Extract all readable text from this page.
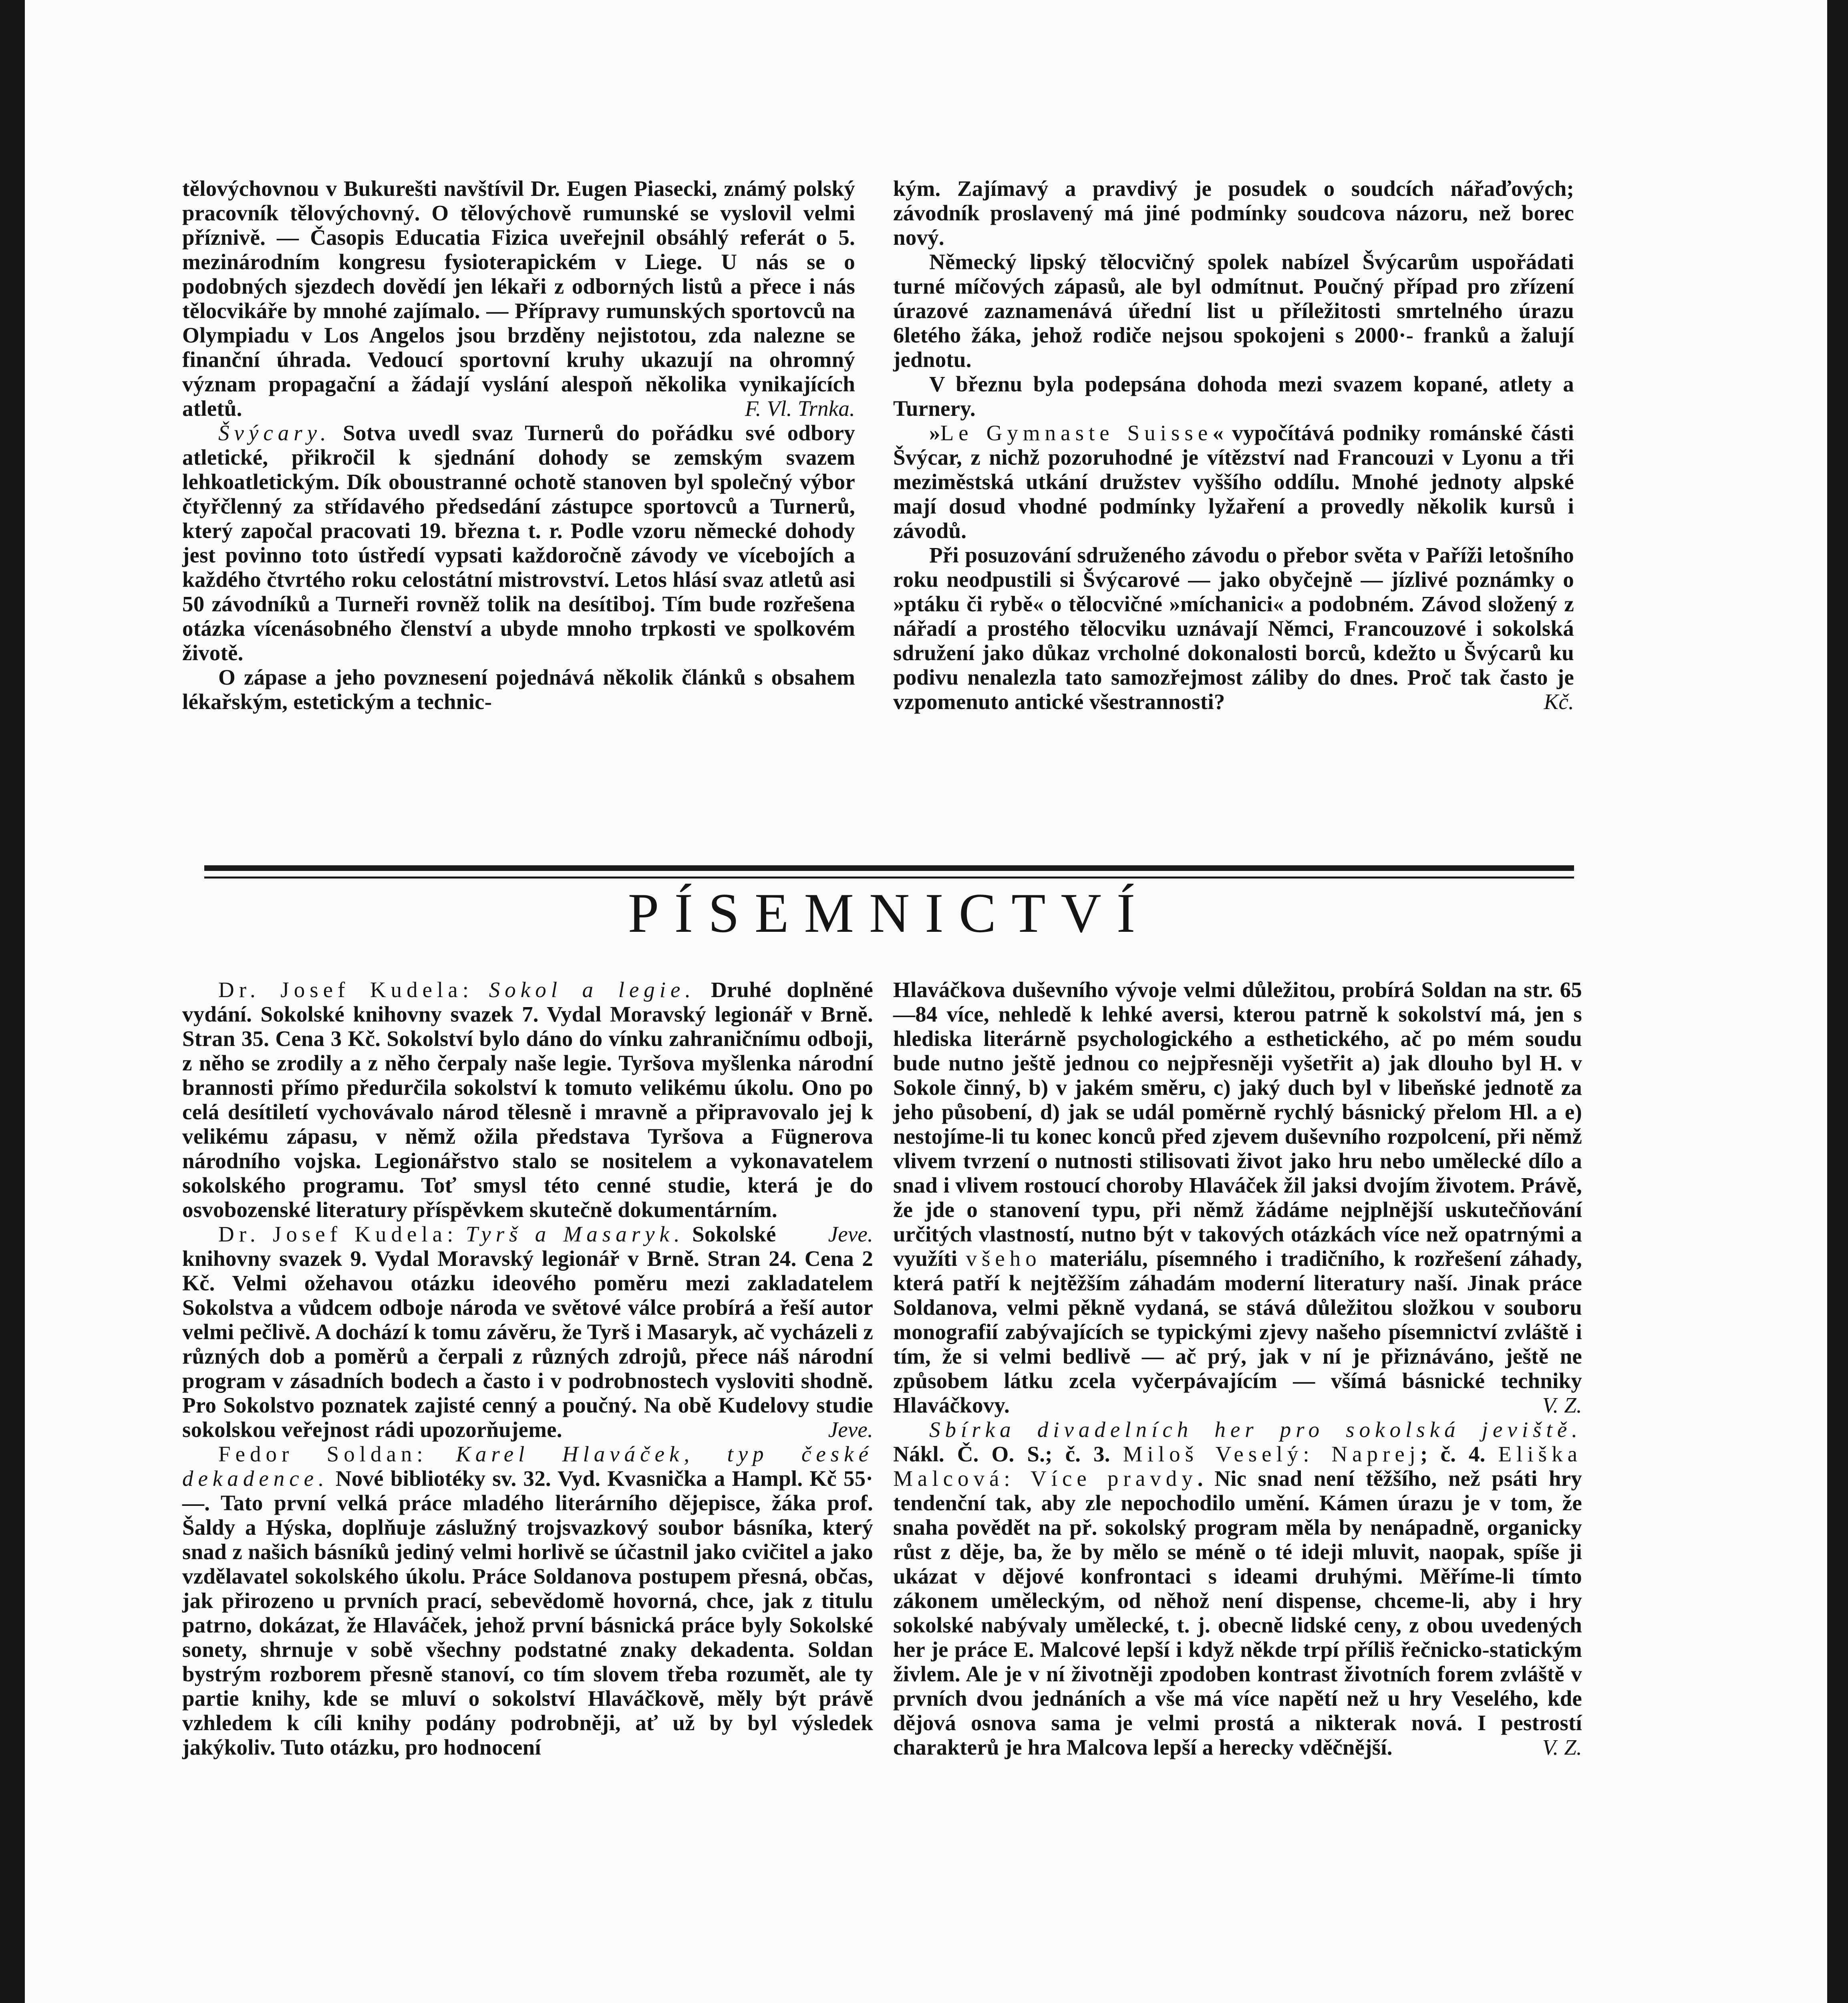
tělovýchovnou v Bukurešti navštívil Dr. Eugen Piasecki, známý polský pracovník tělovýchovný. O tělovýchově rumunské se vyslovil velmi příznivě. — Časopis Educatia Fizica uveřejnil obsáhlý referát o 5. mezinárodním kongresu fysioterapickém v Liege. U nás se o podobných sjezdech dovědí jen lékaři z odborných listů a přece i nás tělocvikáře by mnohé zajímalo. — Přípravy rumunských sportovců na Olympiadu v Los Angelos jsou brzděny nejistotou, zda nalezne se finanční úhrada. Vedoucí sportovní kruhy ukazují na ohromný význam propagační a žádají vyslání alespoň několika vynikajících atletů.	F. Vl. Trnka.

Švýcary. Sotva uvedl svaz Turnerů do pořádku své odbory atletické, přikročil k sjednání dohody se zemským svazem lehkoatletickým. Dík oboustranné ochotě stanoven byl společný výbor čtyřčlenný za střídavého předsedání zástupce sportovců a Turnerů, který započal pracovati 19. března t. r. Podle vzoru německé dohody jest povinno toto ústředí vypsati každoročně závody ve vícebojích a každého čtvrtého roku celostátní mistrovství. Letos hlásí svaz atletů asi 50 závodníků a Turneři rovněž tolik na desítiboj. Tím bude rozřešena otázka vícenásobného členství a ubyde mnoho trpkosti ve spolkovém životě.

O zápase a jeho povznesení pojednává několik článků s obsahem lékařským, estetickým a technic-

kým. Zajímavý a pravdivý je posudek o soudcích nářaďových; závodník proslavený má jiné podmínky soudcova názoru, než borec nový.

Německý lipský tělocvičný spolek nabízel Švýcarům uspořádati turné míčových zápasů, ale byl odmítnut. Poučný případ pro zřízení úrazové zaznamenává úřední list u příležitosti smrtelného úrazu 6letého žáka, jehož rodiče nejsou spokojeni s 2000·- franků a žalují jednotu.

V březnu byla podepsána dohoda mezi svazem kopané, atlety a Turnery.

»Le Gymnaste Suisse« vypočítává podniky románské části Švýcar, z nichž pozoruhodné je vítězství nad Francouzi v Lyonu a tři meziměstská utkání družstev vyššího oddílu. Mnohé jednoty alpské mají dosud vhodné podmínky lyžaření a provedly několik kursů i závodů.

Při posuzování sdruženého závodu o přebor světa v Paříži letošního roku neodpustili si Švýcarové — jako obyčejně — jízlivé poznámky o »ptáku či rybě« o tělocvičné »míchanici« a podobném. Závod složený z nářadí a prostého tělocviku uznávají Němci, Francouzové i sokolská sdružení jako důkaz vrcholné dokonalosti borců, kdežto u Švýcarů ku podivu nenalezla tato samozřejmost záliby do dnes. Proč tak často je vzpomenuto antické všestrannosti?	Kč.

PÍSEMNICTVÍ

Dr. Josef Kudela: Sokol a legie. Druhé doplněné vydání. Sokolské knihovny svazek 7. Vydal Moravský legionář v Brně. Stran 35. Cena 3 Kč. Sokolství bylo dáno do vínku zahraničnímu odboji, z něho se zrodily a z něho čerpaly naše legie. Tyršova myšlenka národní brannosti přímo předurčila sokolství k tomuto velikému úkolu. Ono po celá desítiletí vychovávalo národ tělesně i mravně a připravovalo jej k velikému zápasu, v němž ožila představa Tyršova a Fügnerova národního vojska. Legionářstvo stalo se nositelem a vykonavatelem sokolského programu. Toť smysl této cenné studie, která je do osvobozenské literatury příspěvkem skutečně dokumentárním.
Jeve.

Dr. Josef Kudela: Tyrš a Masaryk. Sokolské knihovny svazek 9. Vydal Moravský legionář v Brně. Stran 24. Cena 2 Kč. Velmi ožehavou otázku ideového poměru mezi zakladatelem Sokolstva a vůdcem odboje národa ve světové válce probírá a řeší autor velmi pečlivě. A dochází k tomu závěru, že Tyrš i Masaryk, ač vycházeli z různých dob a poměrů a čerpali z různých zdrojů, přece náš národní program v zásadních bodech a často i v podrobnostech vysloviti shodně. Pro Sokolstvo poznatek zajisté cenný a poučný. Na obě Kudelovy studie sokolskou veřejnost rádi upozorňujeme.	Jeve.

Fedor Soldan: Karel Hlaváček, typ české dekadence. Nové bibliotéky sv. 32. Vyd. Kvasnička a Hampl. Kč 55·—. Tato první velká práce mladého literárního dějepisce, žáka prof. Šaldy a Hýska, doplňuje záslužný trojsvazkový soubor básníka, který snad z našich básníků jediný velmi horlivě se účastnil jako cvičitel a jako vzdělavatel sokolského úkolu. Práce Soldanova postupem přesná, občas, jak přirozeno u prvních prací, sebevědomě hovorná, chce, jak z titulu patrno, dokázat, že Hlaváček, jehož první básnická práce byly Sokolské sonety, shrnuje v sobě všechny podstatné znaky dekadenta. Soldan bystrým rozborem přesně stanoví, co tím slovem třeba rozumět, ale ty partie knihy, kde se mluví o sokolství Hlaváčkově, měly být právě vzhledem k cíli knihy podány podrobněji, ať už by byl výsledek jakýkoliv. Tuto otázku, pro hodnocení

Hlaváčkova duševního vývoje velmi důležitou, probírá Soldan na str. 65—84 více, nehledě k lehké aversi, kterou patrně k sokolství má, jen s hlediska literárně psychologického a esthetického, ač po mém soudu bude nutno ještě jednou co nejpřesněji vyšetřit a) jak dlouho byl H. v Sokole činný, b) v jakém směru, c) jaký duch byl v libeňské jednotě za jeho působení, d) jak se udál poměrně rychlý básnický přelom Hl. a e) nestojíme-li tu konec konců před zjevem duševního rozpolcení, při němž vlivem tvrzení o nutnosti stilisovati život jako hru nebo umělecké dílo a snad i vlivem rostoucí choroby Hlaváček žil jaksi dvojím životem. Právě, že jde o stanovení typu, při němž žádáme nejplnější uskutečňování určitých vlastností, nutno být v takových otázkách více než opatrnými a využíti všeho materiálu, písemného i tradičního, k rozřešení záhady, která patří k nejtěžším záhadám moderní literatury naší. Jinak práce Soldanova, velmi pěkně vydaná, se stává důležitou složkou v souboru monografií zabývajících se typickými zjevy našeho písemnictví zvláště i tím, že si velmi bedlivě — ač prý, jak v ní je přiznáváno, ještě ne způsobem látku zcela vyčerpávajícím — všímá básnické techniky Hlaváčkovy.	V. Z.

Sbírka divadelních her pro sokolská jeviště. Nákl. Č. O. S.; č. 3. Miloš Veselý: Naprej; č. 4. Eliška Malcová: Více pravdy. Nic snad není těžšího, než psáti hry tendenční tak, aby zle nepochodilo umění. Kámen úrazu je v tom, že snaha povědět na př. sokolský program měla by nenápadně, organicky růst z děje, ba, že by mělo se méně o té ideji mluvit, naopak, spíše ji ukázat v dějové konfrontaci s ideami druhými. Měříme-li tímto zákonem uměleckým, od něhož není dispense, chceme-li, aby i hry sokolské nabývaly umělecké, t. j. obecně lidské ceny, z obou uvedených her je práce E. Malcové lepší i když někde trpí příliš řečnicko-statickým živlem. Ale je v ní životněji zpodoben kontrast životních forem zvláště v prvních dvou jednáních a vše má více napětí než u hry Veselého, kde dějová osnova sama je velmi prostá a nikterak nová. I pestrostí charakterů je hra Malcova lepší a herecky vděčnější.	V. Z.
